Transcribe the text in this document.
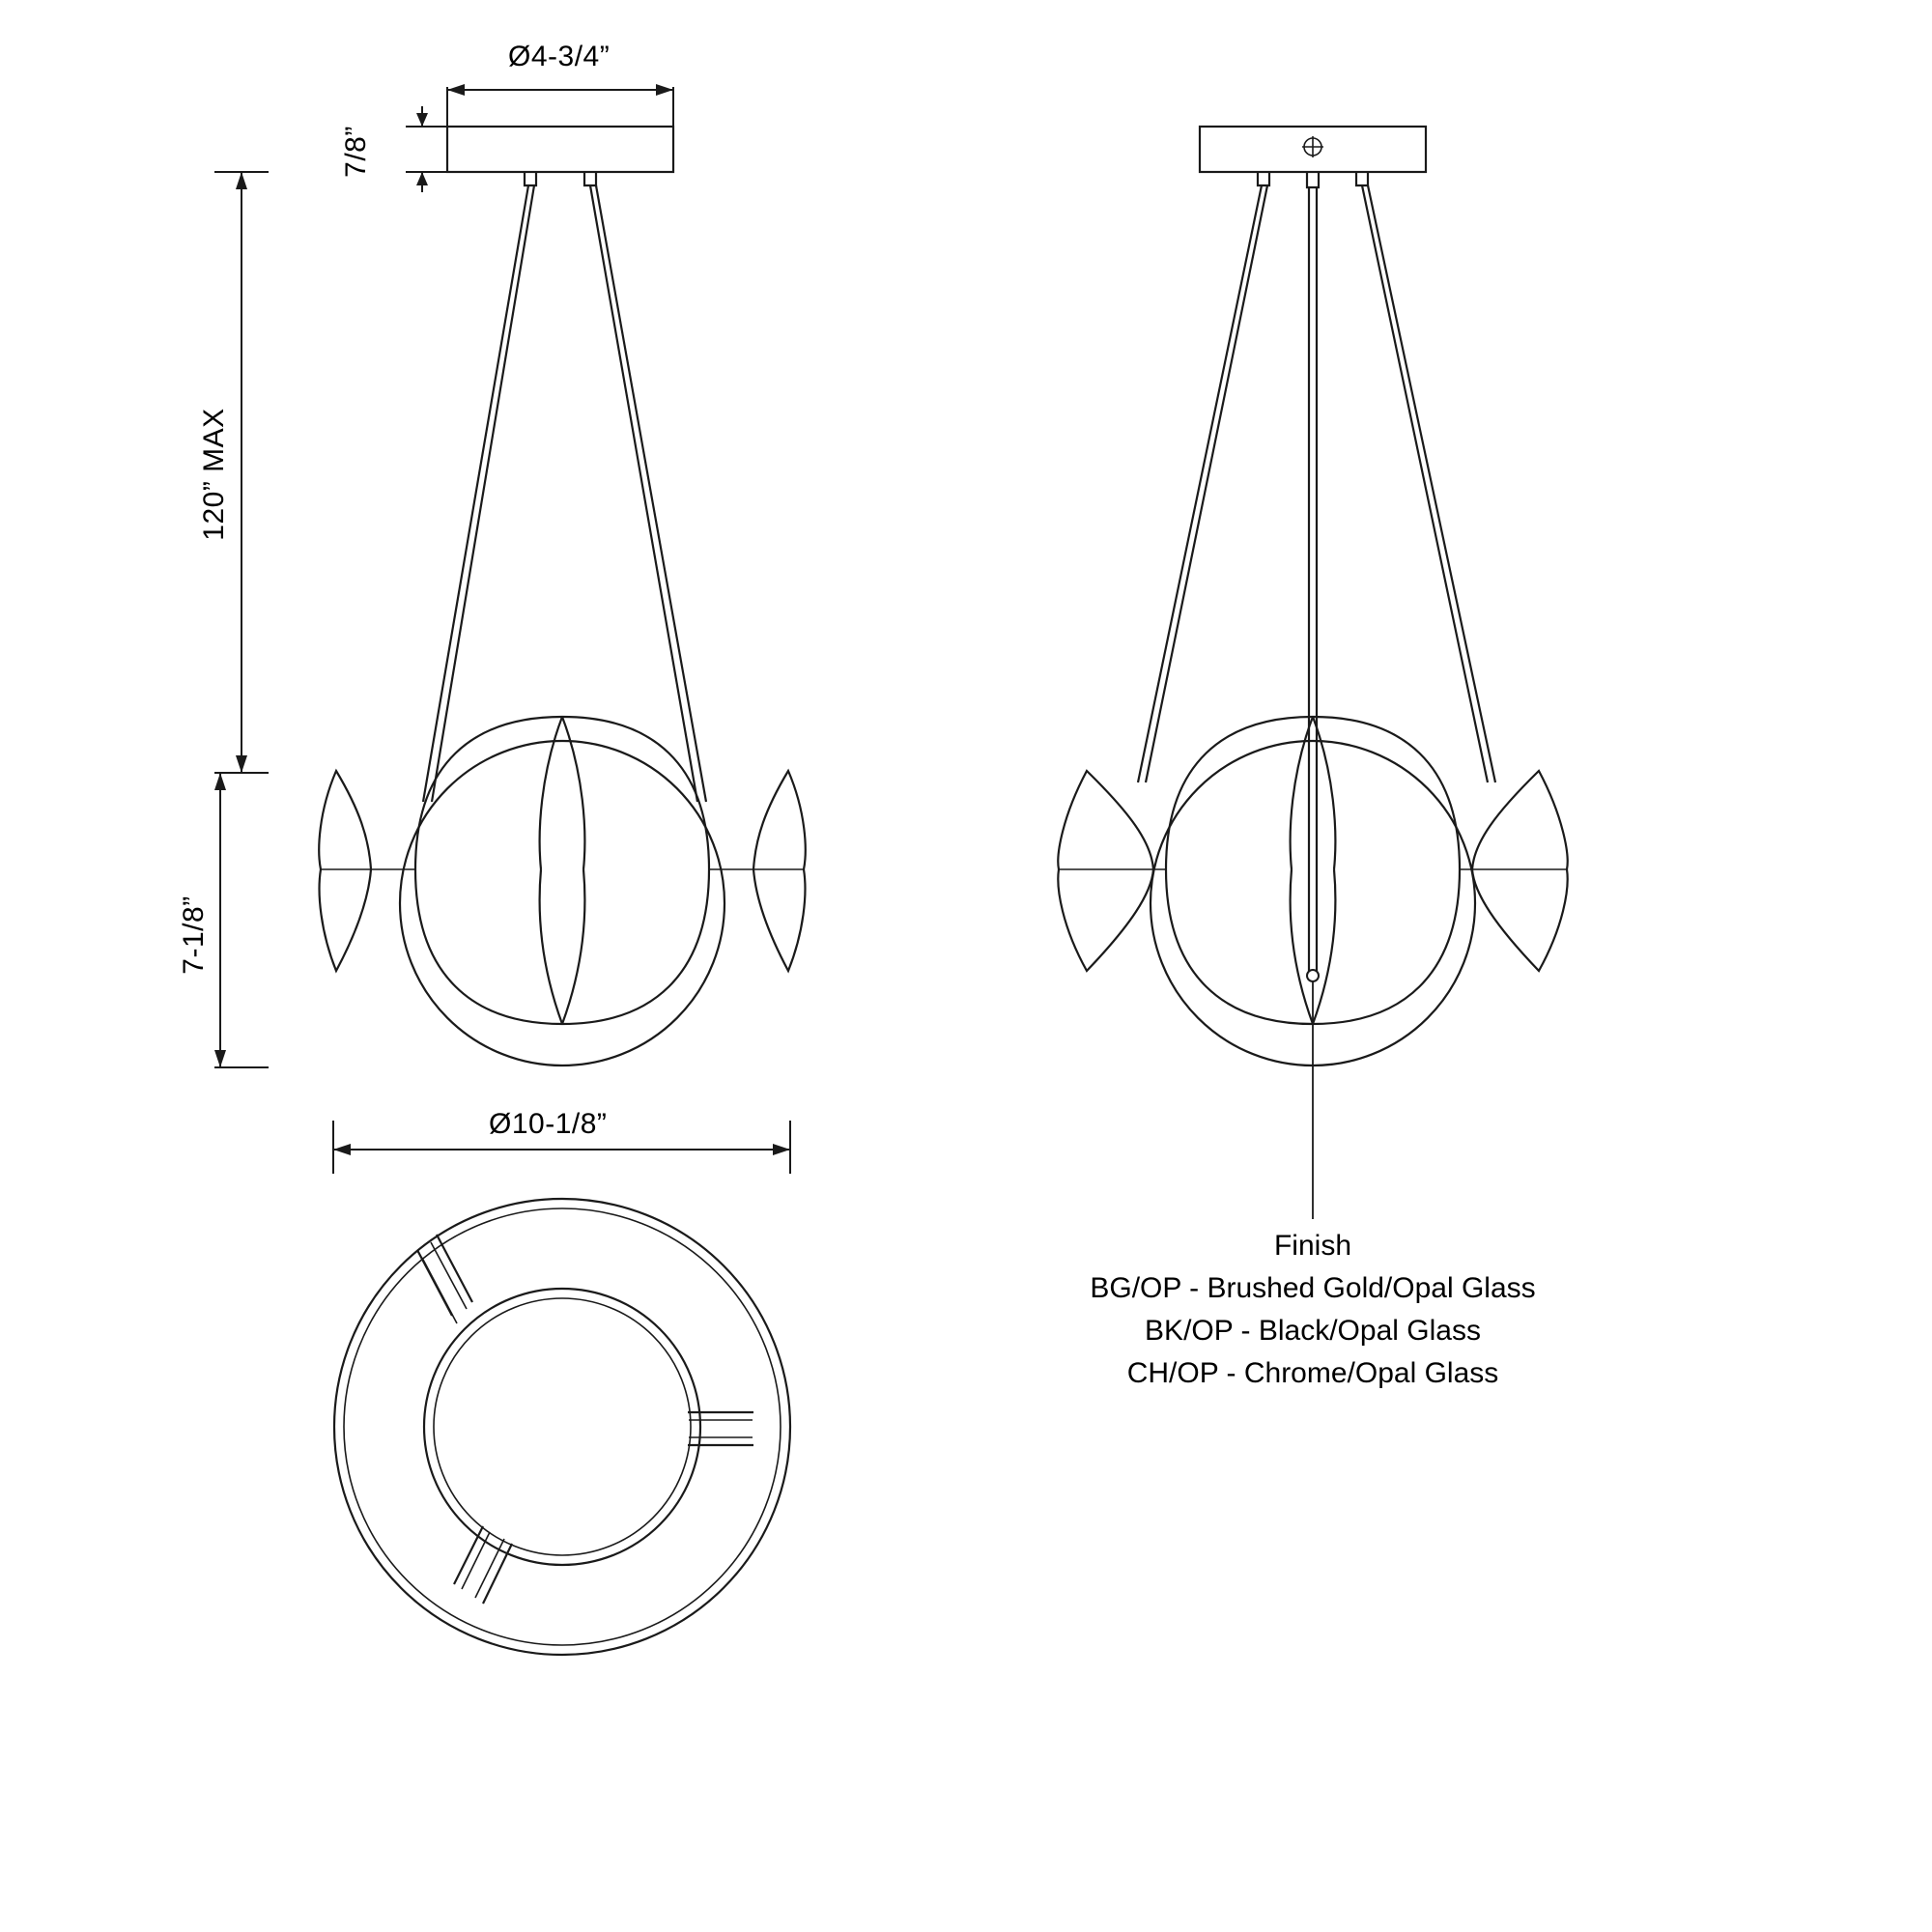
Ø4-3/4”
7/8”
120” MAX
7-1/8”
Ø10-1/8”
Finish
BG/OP - Brushed Gold/Opal Glass
BK/OP - Black/Opal Glass
CH/OP - Chrome/Opal Glass
